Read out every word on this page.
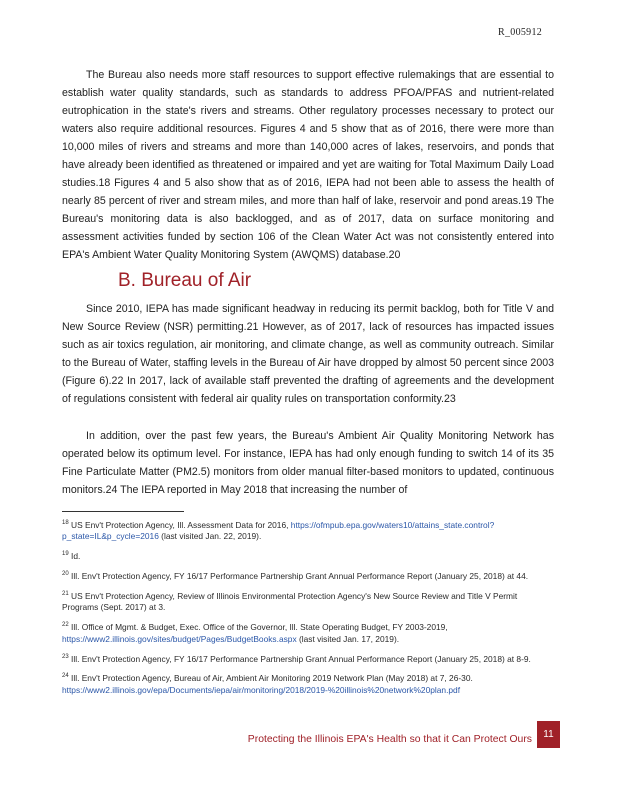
R_005912

The Bureau also needs more staff resources to support effective rulemakings that are essential to establish water quality standards, such as standards to address PFOA/PFAS and nutrient-related eutrophication in the state's rivers and streams. Other regulatory processes necessary to protect our waters also require additional resources. Figures 4 and 5 show that as of 2016, there were more than 10,000 miles of rivers and streams and more than 140,000 acres of lakes, reservoirs, and ponds that have already been identified as threatened or impaired and yet are waiting for Total Maximum Daily Load studies.18 Figures 4 and 5 also show that as of 2016, IEPA had not been able to assess the health of nearly 85 percent of river and stream miles, and more than half of lake, reservoir and pond areas.19 The Bureau's monitoring data is also backlogged, and as of 2017, data on surface monitoring and assessment activities funded by section 106 of the Clean Water Act was not consistently entered into EPA's Ambient Water Quality Monitoring System (AWQMS) database.20

B. Bureau of Air

Since 2010, IEPA has made significant headway in reducing its permit backlog, both for Title V and New Source Review (NSR) permitting.21 However, as of 2017, lack of resources has impacted issues such as air toxics regulation, air monitoring, and climate change, as well as community outreach. Similar to the Bureau of Water, staffing levels in the Bureau of Air have dropped by almost 50 percent since 2003 (Figure 6).22 In 2017, lack of available staff prevented the drafting of agreements and the development of regulations consistent with federal air quality rules on transportation conformity.23

In addition, over the past few years, the Bureau's Ambient Air Quality Monitoring Network has operated below its optimum level. For instance, IEPA has had only enough funding to switch 14 of its 35 Fine Particulate Matter (PM2.5) monitors from older manual filter-based monitors to updated, continuous monitors.24 The IEPA reported in May 2018 that increasing the number of

$^{18}$ US Env't Protection Agency, Ill. Assessment Data for 2016, https://ofmpub.epa.gov/waters10/attains_state.control?p_state=IL&p_cycle=2016 (last visited Jan. 22, 2019).

$^{19}$ Id.

$^{20}$ Ill. Env't Protection Agency, FY 16/17 Performance Partnership Grant Annual Performance Report (January 25, 2018) at 44.

$^{21}$ US Env't Protection Agency, Review of Illinois Environmental Protection Agency's New Source Review and Title V Permit Programs (Sept. 2017) at 3.

$^{22}$ Ill. Office of Mgmt. & Budget, Exec. Office of the Governor, Ill. State Operating Budget, FY 2003-2019, https://www2.illinois.gov/sites/budget/Pages/BudgetBooks.aspx (last visited Jan. 17, 2019).

$^{23}$ Ill. Env't Protection Agency, FY 16/17 Performance Partnership Grant Annual Performance Report (January 25, 2018) at 8-9.

$^{24}$ Ill. Env't Protection Agency, Bureau of Air, Ambient Air Monitoring 2019 Network Plan (May 2018) at 7, 26-30. https://www2.illinois.gov/epa/Documents/iepa/air/monitoring/2018/2019-%20illinois%20network%20plan.pdf

Protecting the Illinois EPA's Health so that it Can Protect Ours	11
